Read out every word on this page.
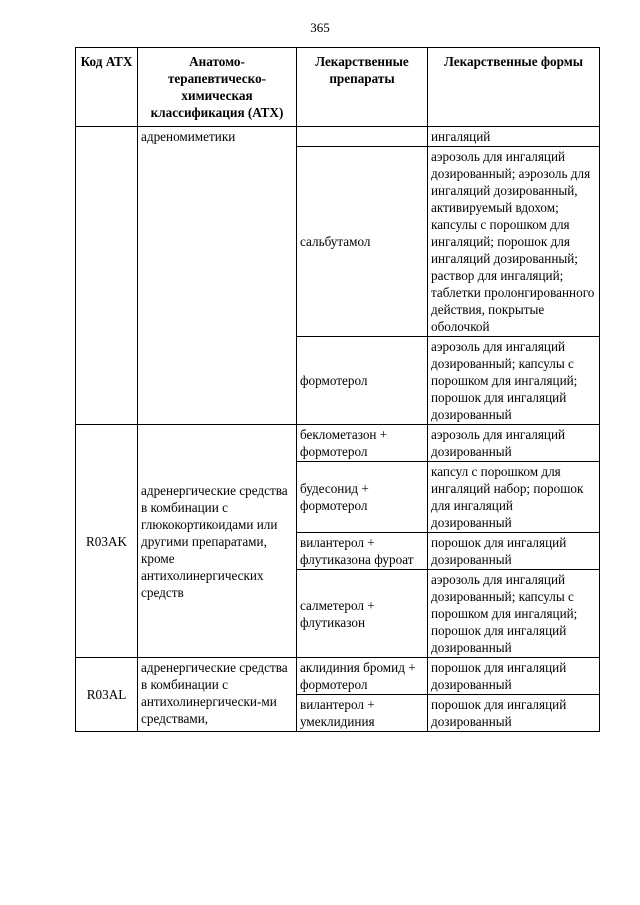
365
Код АТХ	Анатомо-терапевтическо-химическая классификация (АТХ)	Лекарственные препараты	Лекарственные формы
	адреномиметики		ингаляций
		сальбутамол	аэрозоль для ингаляций дозированный; аэрозоль для ингаляций дозированный, активируемый вдохом; капсулы с порошком для ингаляций; порошок для ингаляций дозированный; раствор для ингаляций; таблетки пролонгированного действия, покрытые оболочкой
		формотерол	аэрозоль для ингаляций дозированный; капсулы с порошком для ингаляций; порошок для ингаляций дозированный
R03AK	адренергические средства в комбинации с глюкокортикоидами или другими препаратами, кроме антихолинергических средств	беклометазон + формотерол	аэрозоль для ингаляций дозированный
		будесонид + формотерол	капсул с порошком для ингаляций набор; порошок для ингаляций дозированный
		вилантерол + флутиказона фуроат	порошок для ингаляций дозированный
		салметерол + флутиказон	аэрозоль для ингаляций дозированный; капсулы с порошком для ингаляций; порошок для ингаляций дозированный
R03AL	адренергические средства в комбинации с антихолинергически-ми средствами,	аклидиния бромид + формотерол	порошок для ингаляций дозированный
		вилантерол + умеклидиния	порошок для ингаляций дозированный
